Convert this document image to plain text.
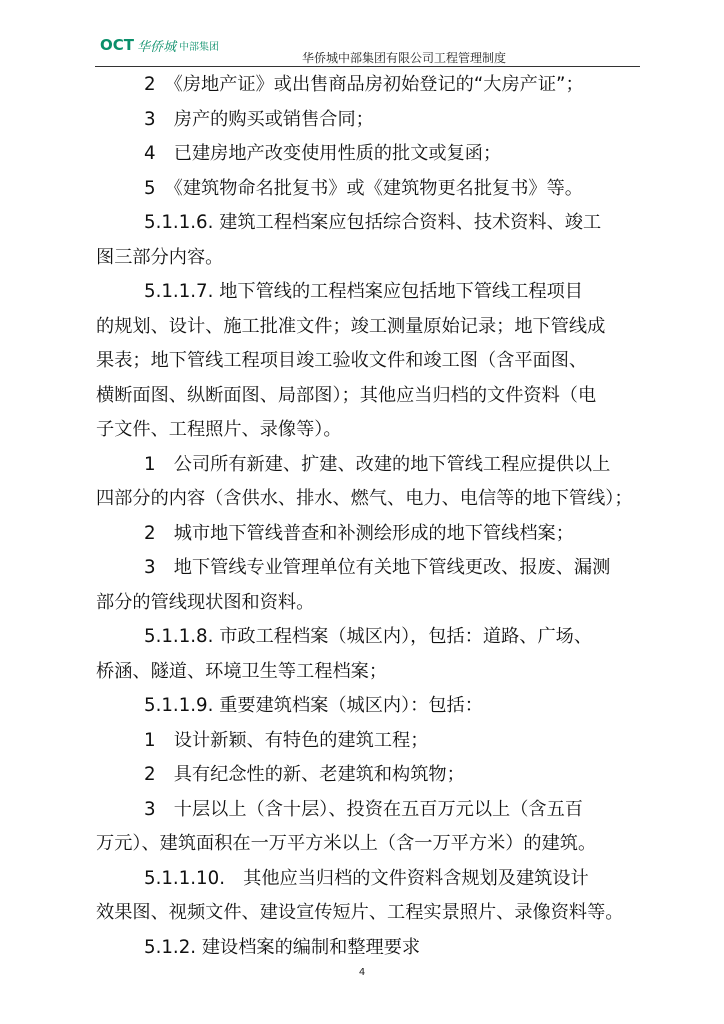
OCT 华侨城 中部集团
华侨城中部集团有限公司工程管理制度
2　《房地产证》或出售商品房初始登记的“大房产证”；
3　房产的购买或销售合同；
4　已建房地产改变使用性质的批文或复函；
5　《建筑物命名批复书》或《建筑物更名批复书》等。
5.1.1.6. 建筑工程档案应包括综合资料、技术资料、竣工
图三部分内容。
5.1.1.7. 地下管线的工程档案应包括地下管线工程项目
的规划、设计、施工批准文件；竣工测量原始记录；地下管线成
果表；地下管线工程项目竣工验收文件和竣工图（含平面图、
横断面图、纵断面图、局部图）；其他应当归档的文件资料（电
子文件、工程照片、录像等）。
1　公司所有新建、扩建、改建的地下管线工程应提供以上
四部分的内容（含供水、排水、燃气、电力、电信等的地下管线）；
2　城市地下管线普查和补测绘形成的地下管线档案；
3　地下管线专业管理单位有关地下管线更改、报废、漏测
部分的管线现状图和资料。
5.1.1.8. 市政工程档案（城区内），包括：道路、广场、
桥涵、隧道、环境卫生等工程档案；
5.1.1.9. 重要建筑档案（城区内）：包括：
1　设计新颖、有特色的建筑工程；
2　具有纪念性的新、老建筑和构筑物；
3　十层以上（含十层）、投资在五百万元以上（含五百
万元）、建筑面积在一万平方米以上（含一万平方米）的建筑。
5.1.1.10.　其他应当归档的文件资料含规划及建筑设计
效果图、视频文件、建设宣传短片、工程实景照片、录像资料等。
5.1.2. 建设档案的编制和整理要求
4
